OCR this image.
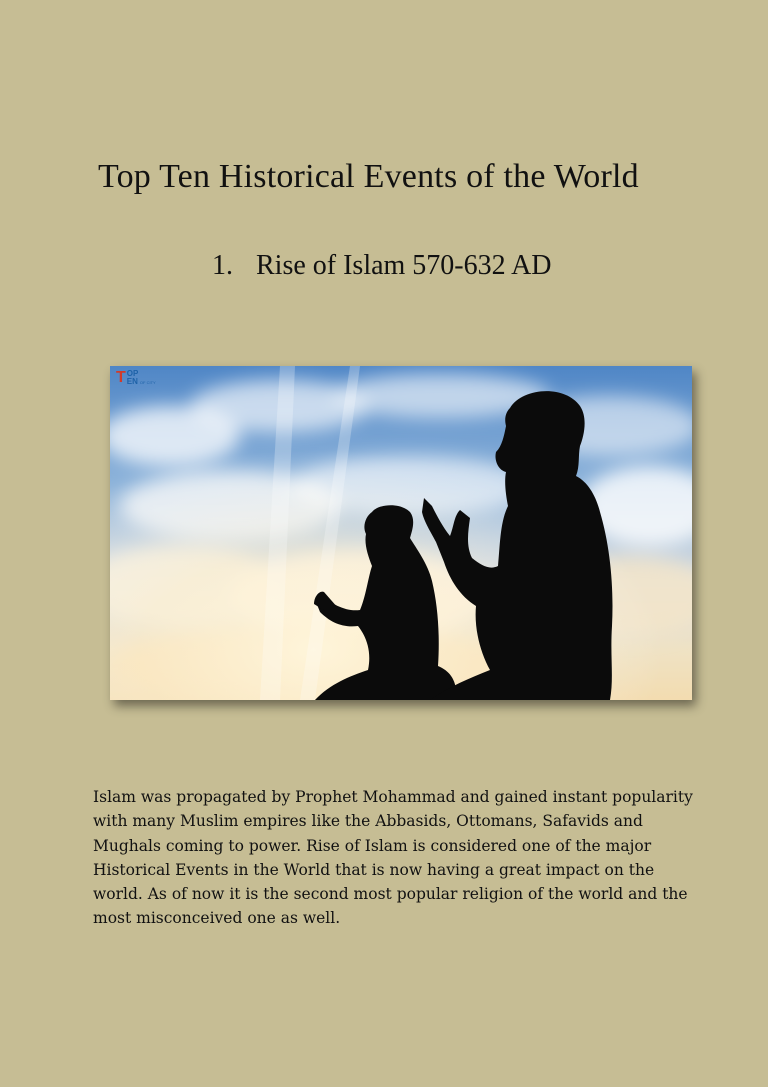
Top Ten Historical Events of the World
1. Rise of Islam 570-632 AD
T OP
EN OF CITY

Islam was propagated by Prophet Mohammad and gained instant popularity with many Muslim empires like the Abbasids, Ottomans, Safavids and Mughals coming to power. Rise of Islam is considered one of the major Historical Events in the World that is now having a great impact on the world. As of now it is the second most popular religion of the world and the most misconceived one as well.
